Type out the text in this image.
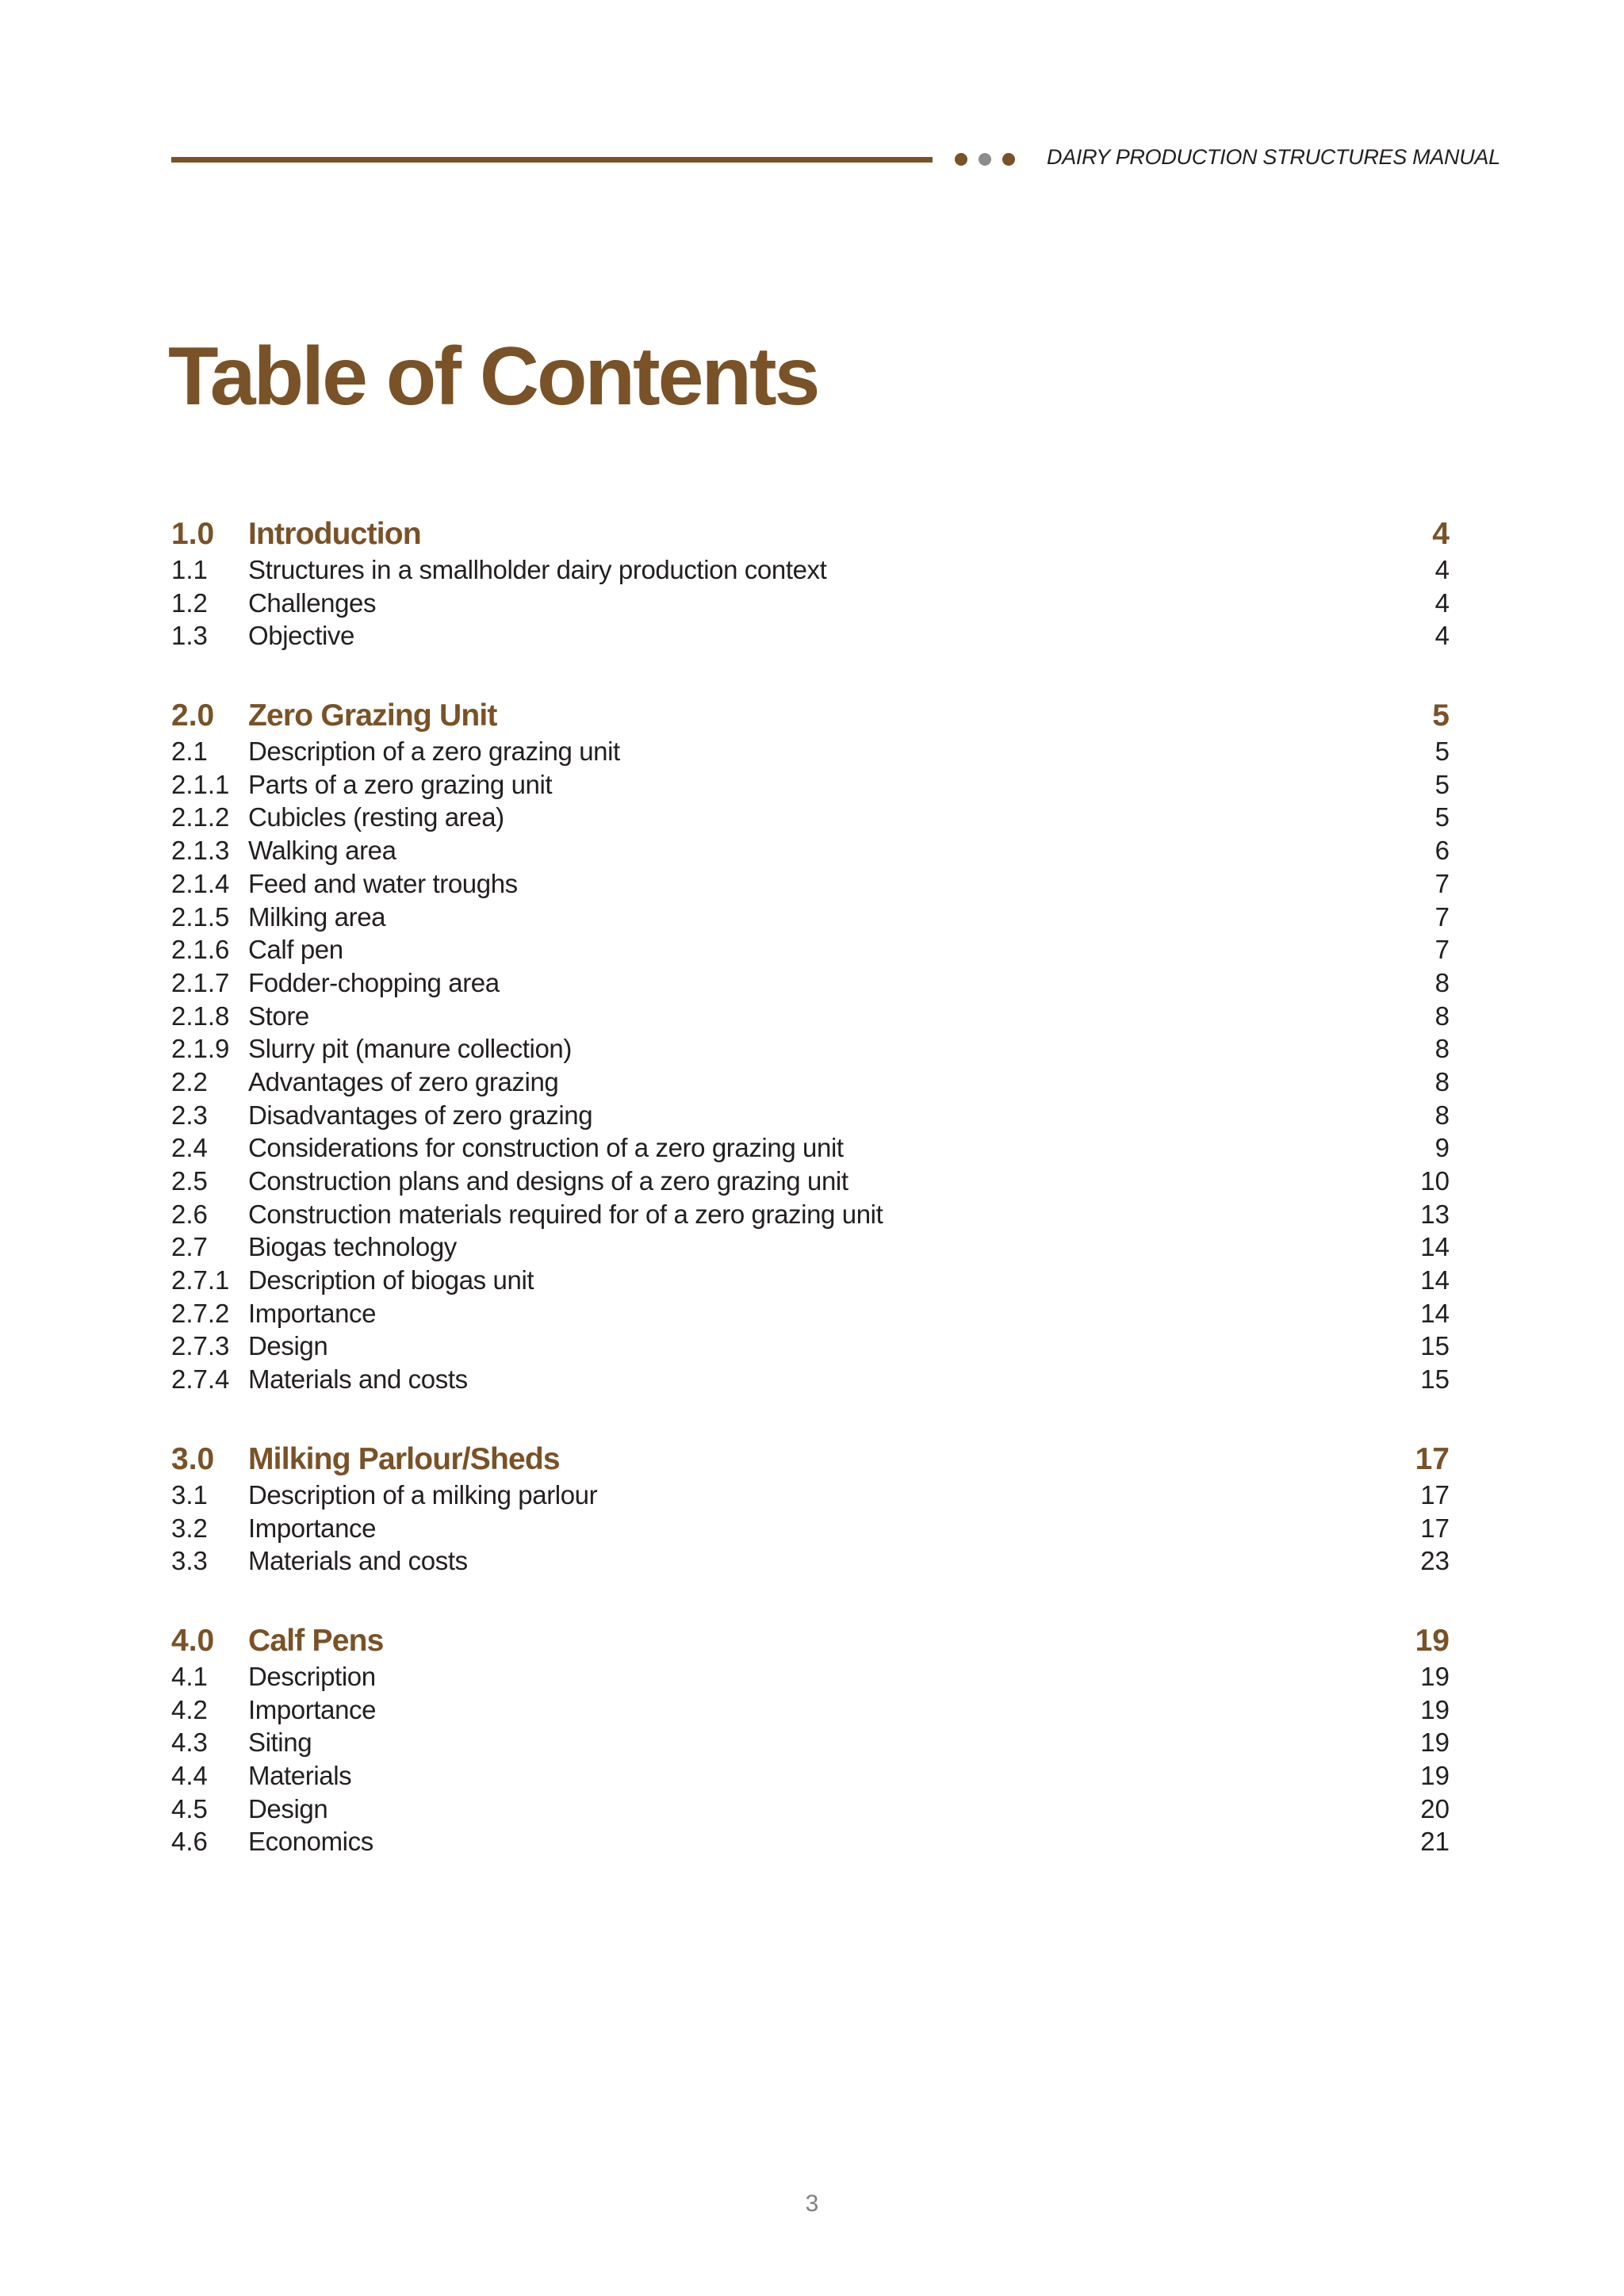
DAIRY PRODUCTION STRUCTURES MANUAL
Table of Contents
1.0	Introduction	4
1.1	Structures in a smallholder dairy production context	4
1.2	Challenges	4
1.3	Objective	4
2.0	Zero Grazing Unit	5
2.1	Description of a zero grazing unit	5
2.1.1 Parts of a zero grazing unit	5
2.1.2 Cubicles (resting area)	5
2.1.3 Walking area	6
2.1.4 Feed and water troughs	7
2.1.5 Milking area	7
2.1.6 Calf pen	7
2.1.7 Fodder-chopping area	8
2.1.8 Store	8
2.1.9 Slurry pit (manure collection)	8
2.2	Advantages of zero grazing	8
2.3	Disadvantages of zero grazing	8
2.4	Considerations for construction of a zero grazing unit	9
2.5	Construction plans and designs of a zero grazing unit	10
2.6	Construction materials required for of a zero grazing unit	13
2.7	Biogas technology	14
2.7.1 Description of biogas unit	14
2.7.2 Importance	14
2.7.3 Design	15
2.7.4 Materials and costs	15
3.0	Milking Parlour/Sheds	17
3.1	Description of a milking parlour	17
3.2	Importance	17
3.3	Materials and costs	23
4.0	Calf Pens	19
4.1	Description	19
4.2	Importance	19
4.3	Siting	19
4.4	Materials	19
4.5	Design	20
4.6	Economics	21
3
